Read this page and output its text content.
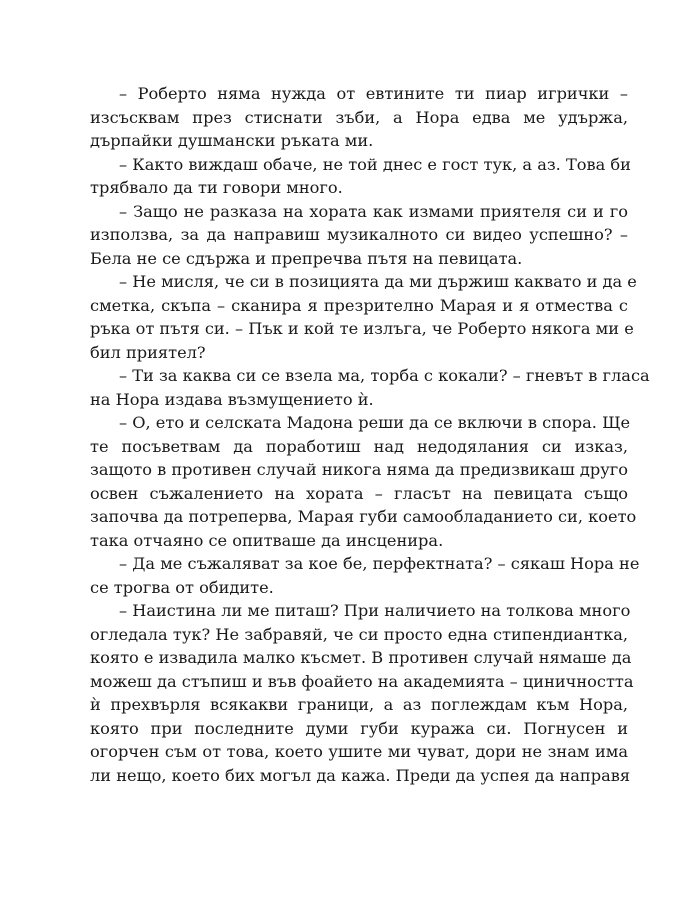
– Роберто няма нужда от евтините ти пиар игрички –
изсъсквам през стиснати зъби, а Нора едва ме удържа,
дърпайки душмански ръката ми.
– Както виждаш обаче, не той днес е гост тук, а аз. Това би
трябвало да ти говори много.
– Защо не разказа на хората как измами приятеля си и го
използва, за да направиш музикалното си видео успешно? –
Бела не се сдържа и препречва пътя на певицата.
– Не мисля, че си в позицията да ми държиш каквато и да е
сметка, скъпа – сканира я презрително Марая и я отмества с
ръка от пътя си. – Пък и кой те излъга, че Роберто някога ми е
бил приятел?
– Ти за каква си се взела ма, торба с кокали? – гневът в гласа
на Нора издава възмущението ѝ.
– О, ето и селската Мадона реши да се включи в спора. Ще
те посъветвам да поработиш над недодялания си изказ,
защото в противен случай никога няма да предизвикаш друго
освен съжалението на хората – гласът на певицата също
започва да потреперва, Марая губи самообладанието си, което
така отчаяно се опитваше да инсценира.
– Да ме съжаляват за кое бе, перфектната? – сякаш Нора не
се трогва от обидите.
– Наистина ли ме питаш? При наличието на толкова много
огледала тук? Не забравяй, че си просто една стипендиантка,
която е извадила малко късмет. В противен случай нямаше да
можеш да стъпиш и във фоайето на академията – циничността
ѝ прехвърля всякакви граници, а аз поглеждам към Нора,
която при последните думи губи куража си. Погнусен и
огорчен съм от това, което ушите ми чуват, дори не знам има
ли нещо, което бих могъл да кажа. Преди да успея да направя
